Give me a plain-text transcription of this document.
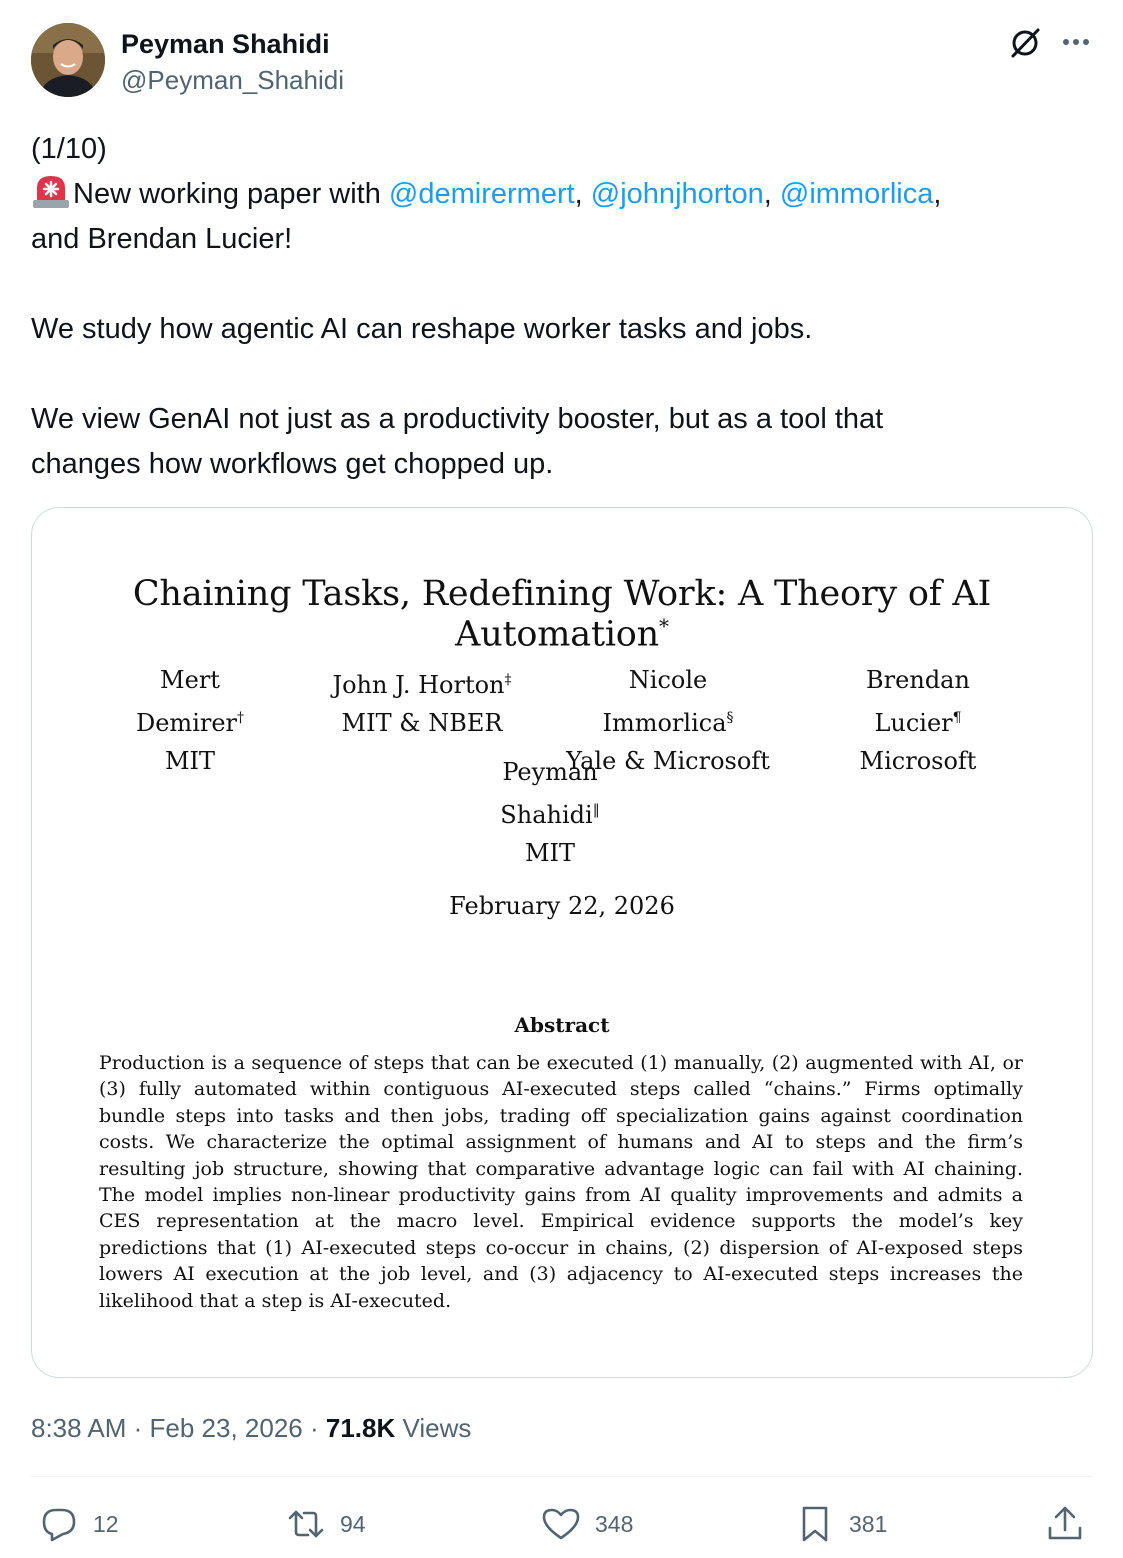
Peyman Shahidi
@Peyman_Shahidi

(1/10)

New working paper with @demirermert, @johnjhorton, @immorlica,

and Brendan Lucier!

We study how agentic AI can reshape worker tasks and jobs.

We view GenAI not just as a productivity booster, but as a tool that

changes how workflows get chopped up.

Chaining Tasks, Redefining Work: A Theory of AI Automation*
Mert Demirer†
MIT
John J. Horton‡
MIT & NBER
Nicole Immorlica§
Yale & Microsoft
Brendan Lucier¶
Microsoft
Peyman Shahidi‖
MIT
February 22, 2026
Abstract
Production is a sequence of steps that can be executed (1) manually, (2) augmented with AI, or (3) fully automated within contiguous AI-executed steps called “chains.” Firms optimally bundle steps into tasks and then jobs, trading off specialization gains against coordination costs. We characterize the optimal assignment of humans and AI to steps and the firm’s resulting job structure, showing that comparative advantage logic can fail with AI chaining. The model implies non-linear productivity gains from AI quality improvements and admits a CES representation at the macro level. Empirical evidence supports the model’s key predictions that (1) AI-executed steps co-occur in chains, (2) dispersion of AI-exposed steps lowers AI execution at the job level, and (3) adjacency to AI-executed steps increases the likelihood that a step is AI-executed.
8:38 AM · Feb 23, 2026 · 71.8K Views
12	94	348	381
